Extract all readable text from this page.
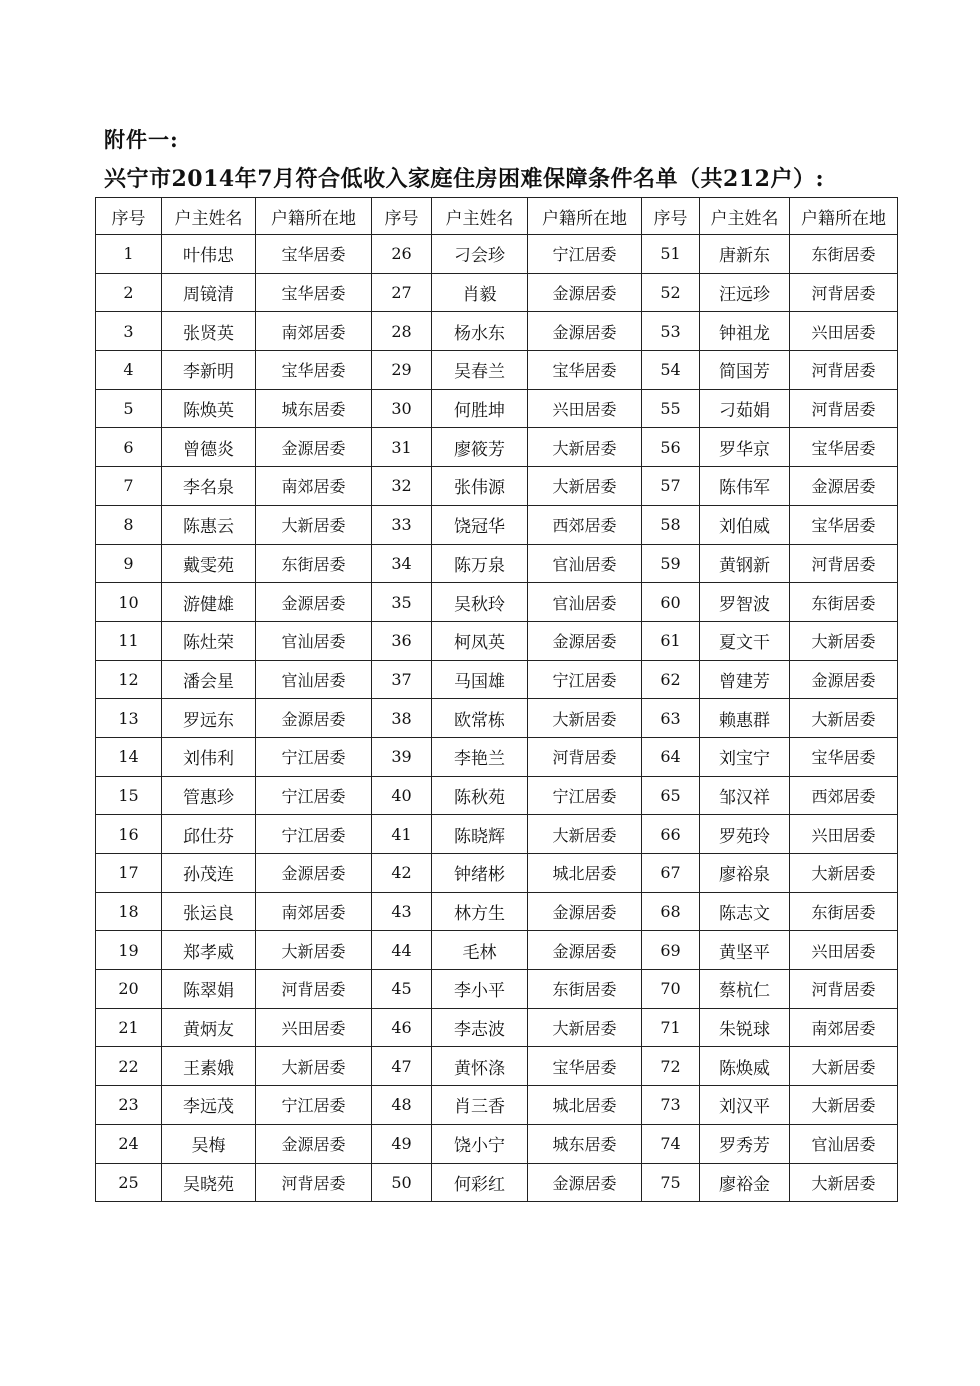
附件一:
兴宁市2014年7月符合低收入家庭住房困难保障条件名单（共212户）:
序号	户主姓名	户籍所在地	序号	户主姓名	户籍所在地	序号	户主姓名	户籍所在地
1	叶伟忠	宝华居委	26	刁会珍	宁江居委	51	唐新东	东街居委
2	周镜清	宝华居委	27	肖毅	金源居委	52	汪远珍	河背居委
3	张贤英	南郊居委	28	杨水东	金源居委	53	钟祖龙	兴田居委
4	李新明	宝华居委	29	吴春兰	宝华居委	54	简国芳	河背居委
5	陈焕英	城东居委	30	何胜坤	兴田居委	55	刁茹娟	河背居委
6	曾德炎	金源居委	31	廖筱芳	大新居委	56	罗华京	宝华居委
7	李名泉	南郊居委	32	张伟源	大新居委	57	陈伟军	金源居委
8	陈惠云	大新居委	33	饶冠华	西郊居委	58	刘伯威	宝华居委
9	戴雯苑	东街居委	34	陈万泉	官汕居委	59	黄钢新	河背居委
10	游健雄	金源居委	35	吴秋玲	官汕居委	60	罗智波	东街居委
11	陈灶荣	官汕居委	36	柯凤英	金源居委	61	夏文干	大新居委
12	潘会星	官汕居委	37	马国雄	宁江居委	62	曾建芳	金源居委
13	罗远东	金源居委	38	欧常栋	大新居委	63	赖惠群	大新居委
14	刘伟利	宁江居委	39	李艳兰	河背居委	64	刘宝宁	宝华居委
15	管惠珍	宁江居委	40	陈秋苑	宁江居委	65	邹汉祥	西郊居委
16	邱仕芬	宁江居委	41	陈晓辉	大新居委	66	罗苑玲	兴田居委
17	孙茂连	金源居委	42	钟绪彬	城北居委	67	廖裕泉	大新居委
18	张运良	南郊居委	43	林方生	金源居委	68	陈志文	东街居委
19	郑孝威	大新居委	44	毛林	金源居委	69	黄坚平	兴田居委
20	陈翠娟	河背居委	45	李小平	东街居委	70	蔡杭仁	河背居委
21	黄炳友	兴田居委	46	李志波	大新居委	71	朱锐球	南郊居委
22	王素娥	大新居委	47	黄怀涤	宝华居委	72	陈焕威	大新居委
23	李远茂	宁江居委	48	肖三香	城北居委	73	刘汉平	大新居委
24	吴梅	金源居委	49	饶小宁	城东居委	74	罗秀芳	官汕居委
25	吴晓苑	河背居委	50	何彩红	金源居委	75	廖裕金	大新居委
